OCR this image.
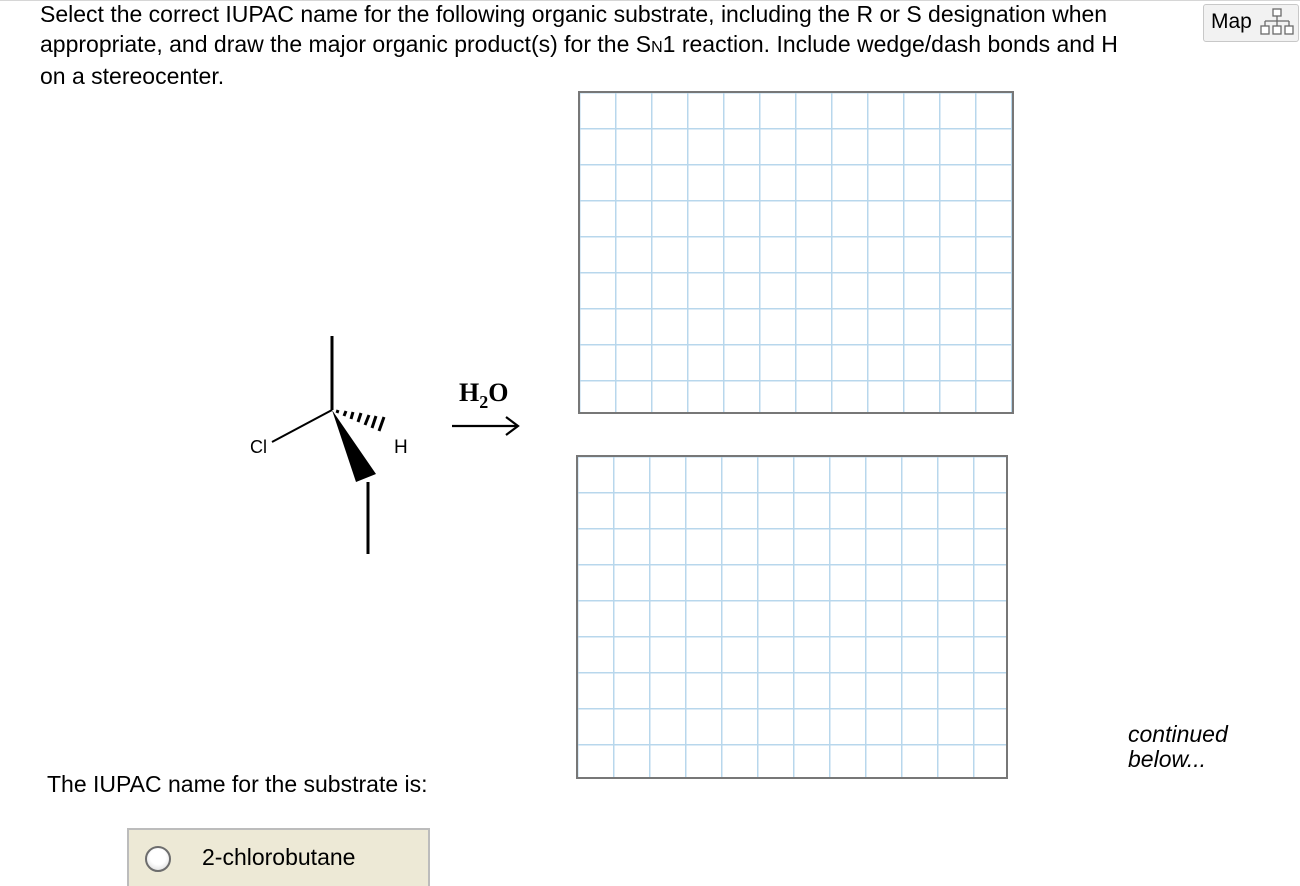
Select the correct IUPAC name for the following organic substrate, including the R or S designation when
appropriate, and draw the major organic product(s) for the SN1 reaction. Include wedge/dash bonds and H
on a stereocenter.
Map
Cl	H
$H_2O$
continued below...
The IUPAC name for the substrate is:
2-chlorobutane
